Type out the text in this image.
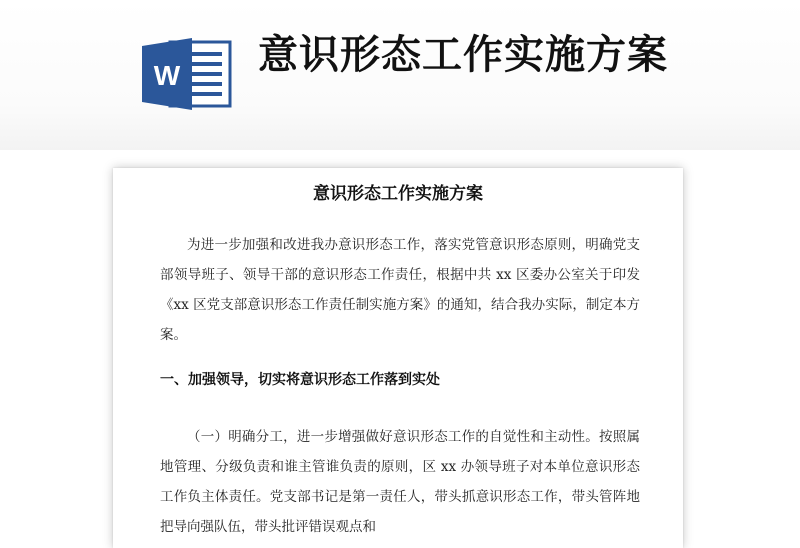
W 意识形态工作实施方案
意识形态工作实施方案

为进一步加强和改进我办意识形态工作，落实党管意识形态原则，明确党支部领导班子、领导干部的意识形态工作责任，根据中共 xx 区委办公室关于印发《xx 区党支部意识形态工作责任制实施方案》的通知，结合我办实际，制定本方案。

一、加强领导，切实将意识形态工作落到实处

（一）明确分工，进一步增强做好意识形态工作的自觉性和主动性。按照属地管理、分级负责和谁主管谁负责的原则，区 xx 办领导班子对本单位意识形态工作负主体责任。党支部书记是第一责任人，带头抓意识形态工作，带头管阵地把导向强队伍，带头批评错误观点和
